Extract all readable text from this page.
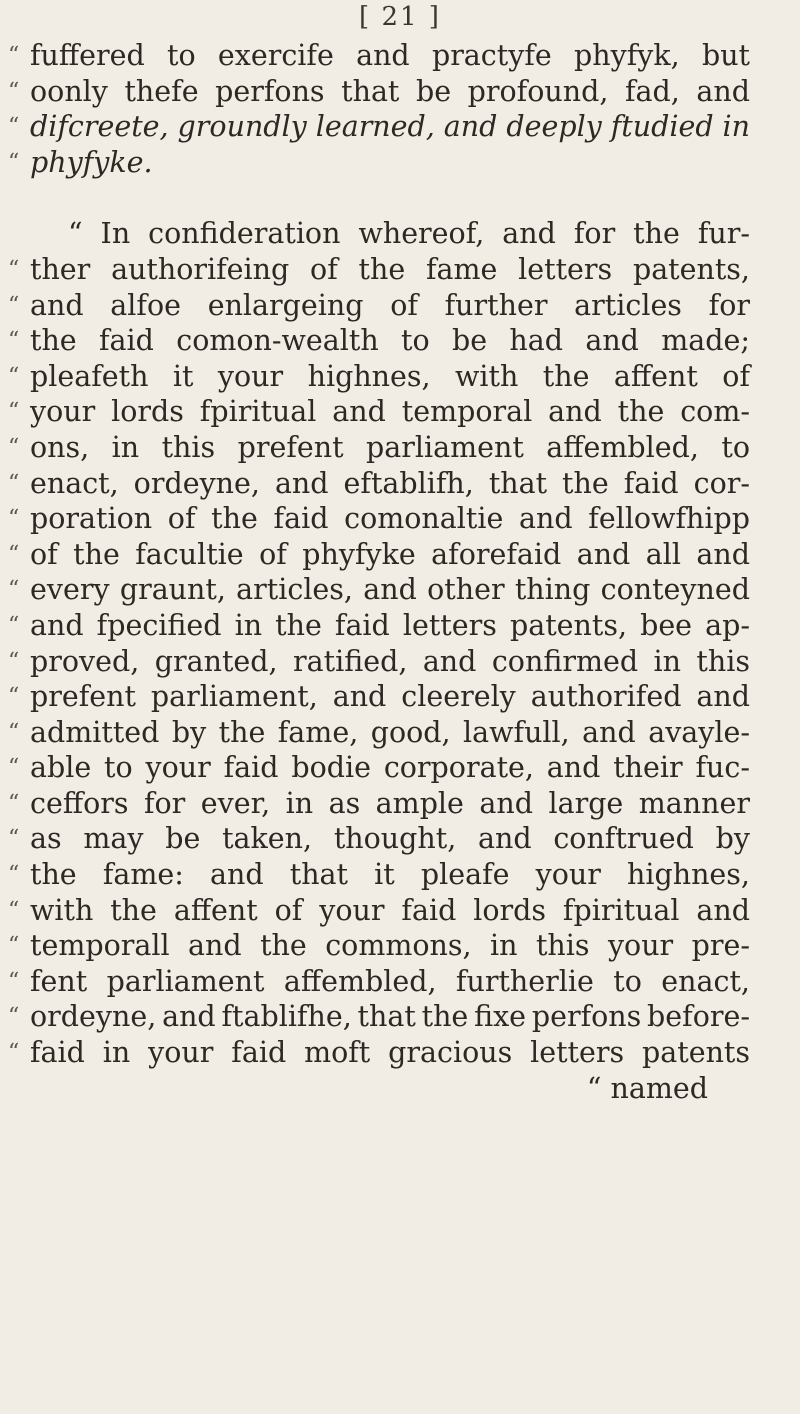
[ 21 ]
“ fuffered to exercife and practyfe phyfyk, but
“ oonly thefe perfons that be profound, fad, and
“ difcreete, groundly learned, and deeply ftudied in
“ phyfyke.
“ In confideration whereof, and for the fur-
“ ther authorifeing of the fame letters patents,
“ and alfoe enlargeing of further articles for
“ the faid comon-wealth to be had and made;
“ pleafeth it your highnes, with the affent of
“ your lords fpiritual and temporal and the com-
“ ons, in this prefent parliament affembled, to
“ enact, ordeyne, and eftablifh, that the faid cor-
“ poration of the faid comonaltie and fellowfhipp
“ of the facultie of phyfyke aforefaid and all and
“ every graunt, articles, and other thing conteyned
“ and fpecified in the faid letters patents, bee ap-
“ proved, granted, ratified, and confirmed in this
“ prefent parliament, and cleerely authorifed and
“ admitted by the fame, good, lawfull, and avayle-
“ able to your faid bodie corporate, and their fuc-
“ ceffors for ever, in as ample and large manner
“ as may be taken, thought, and conftrued by
“ the fame: and that it pleafe your highnes,
“ with the affent of your faid lords fpiritual and
“ temporall and the commons, in this your pre-
“ fent parliament affembled, furtherlie to enact,
“ ordeyne, and ftablifhe, that the fixe perfons before-
“ faid in your faid moft gracious letters patents
“ named
